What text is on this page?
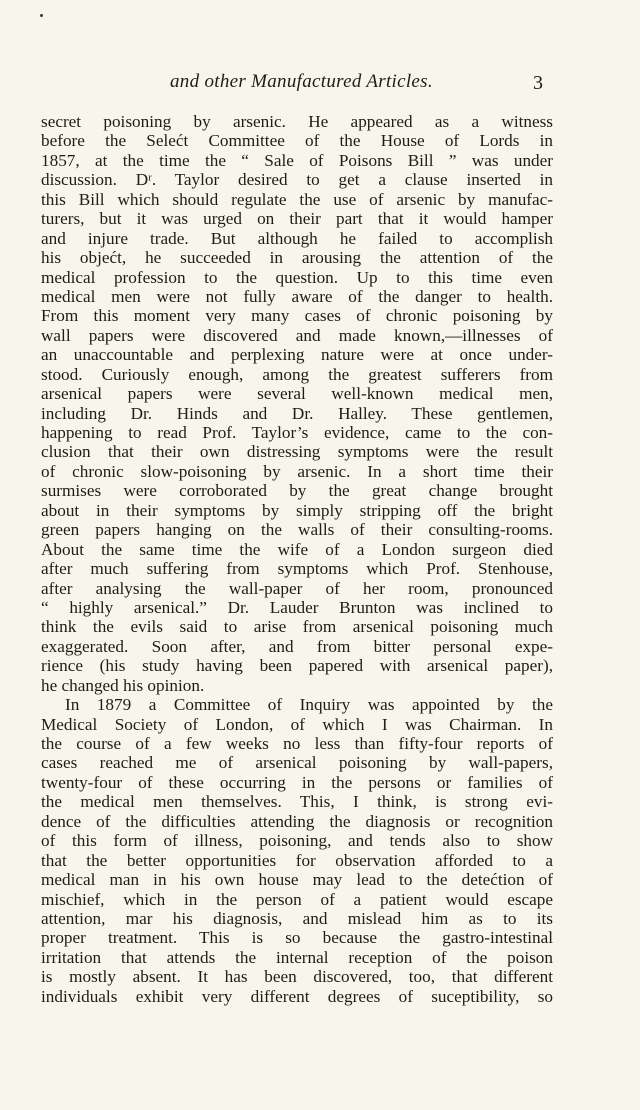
and other Manufactured Articles.	3
secret poisoning by arsenic. He appeared as a witness
before the Selećt Committee of the House of Lords in
1857, at the time the “ Sale of Poisons Bill ” was under
discussion. Dʳ. Taylor desired to get a clause inserted in
this Bill which should regulate the use of arsenic by manufac-
turers, but it was urged on their part that it would hamper
and injure trade. But although he failed to accomplish
his objećt, he succeeded in arousing the attention of the
medical profession to the question. Up to this time even
medical men were not fully aware of the danger to health.
From this moment very many cases of chronic poisoning by
wall papers were discovered and made known,—illnesses of
an unaccountable and perplexing nature were at once under-
stood. Curiously enough, among the greatest sufferers from
arsenical papers were several well-known medical men,
including Dr. Hinds and Dr. Halley. These gentlemen,
happening to read Prof. Taylor’s evidence, came to the con-
clusion that their own distressing symptoms were the result
of chronic slow-poisoning by arsenic. In a short time their
surmises were corroborated by the great change brought
about in their symptoms by simply stripping off the bright
green papers hanging on the walls of their consulting-rooms.
About the same time the wife of a London surgeon died
after much suffering from symptoms which Prof. Stenhouse,
after analysing the wall-paper of her room, pronounced
“ highly arsenical.” Dr. Lauder Brunton was inclined to
think the evils said to arise from arsenical poisoning much
exaggerated. Soon after, and from bitter personal expe-
rience (his study having been papered with arsenical paper),
he changed his opinion.
In 1879 a Committee of Inquiry was appointed by the
Medical Society of London, of which I was Chairman. In
the course of a few weeks no less than fifty-four reports of
cases reached me of arsenical poisoning by wall-papers,
twenty-four of these occurring in the persons or families of
the medical men themselves. This, I think, is strong evi-
dence of the difficulties attending the diagnosis or recognition
of this form of illness, poisoning, and tends also to show
that the better opportunities for observation afforded to a
medical man in his own house may lead to the detećtion of
mischief, which in the person of a patient would escape
attention, mar his diagnosis, and mislead him as to its
proper treatment. This is so because the gastro-intestinal
irritation that attends the internal reception of the poison
is mostly absent. It has been discovered, too, that different
individuals exhibit very different degrees of suceptibility, so
